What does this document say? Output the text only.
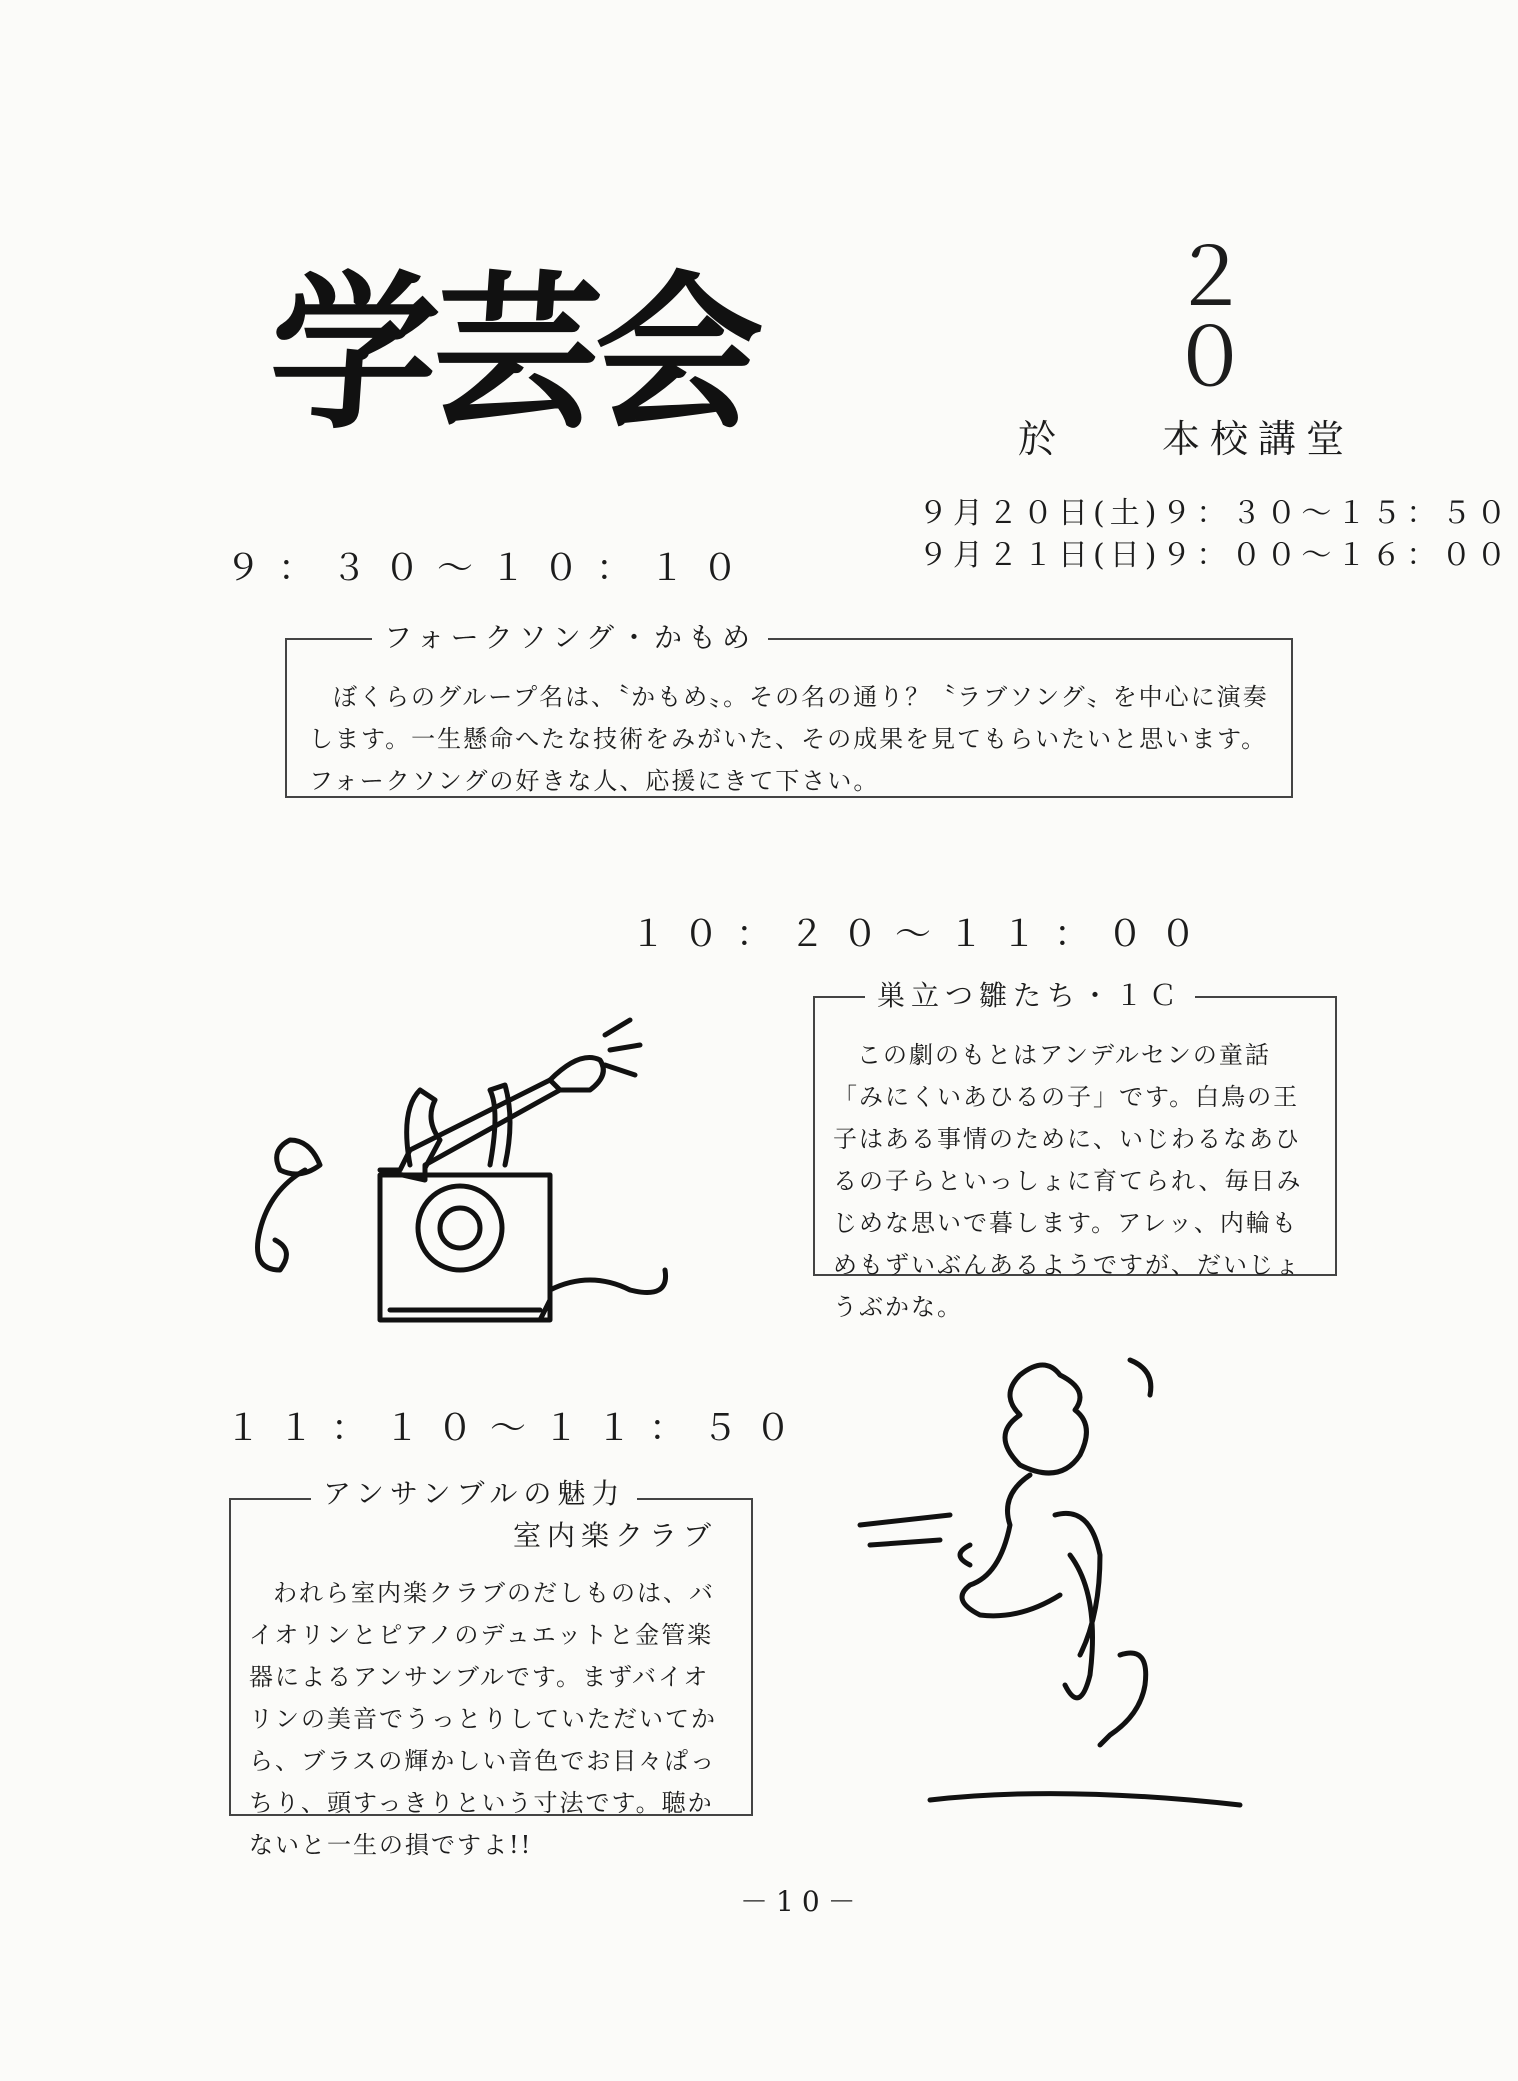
学芸会	２　０
於　　本校講堂
９月２０日(土)９：３０〜１５：５０
９月２１日(日)９：００〜１６：００
９：３０〜１０：１０
フォークソング・かもめ
ぼくらのグループ名は、〝かもめ〟。その名の通り？〝ラブソング〟を中心に演奏します。一生懸命へたな技術をみがいた、その成果を見てもらいたいと思います。フォークソングの好きな人、応援にきて下さい。
１０：２０〜１１：００
巣立つ雛たち・１Ｃ
この劇のもとはアンデルセンの童話「みにくいあひるの子」です。白鳥の王子はある事情のために、いじわるなあひるの子らといっしょに育てられ、毎日みじめな思いで暮します。アレッ、内輪もめもずいぶんあるようですが、だいじょうぶかな。
１１：１０〜１１：５０
アンサンブルの魅力
室内楽クラブ
われら室内楽クラブのだしものは、バイオリンとピアノのデュエットと金管楽器によるアンサンブルです。まずバイオリンの美音でうっとりしていただいてから、ブラスの輝かしい音色でお目々ぱっちり、頭すっきりという寸法です。聴かないと一生の損ですよ!!
－10－
